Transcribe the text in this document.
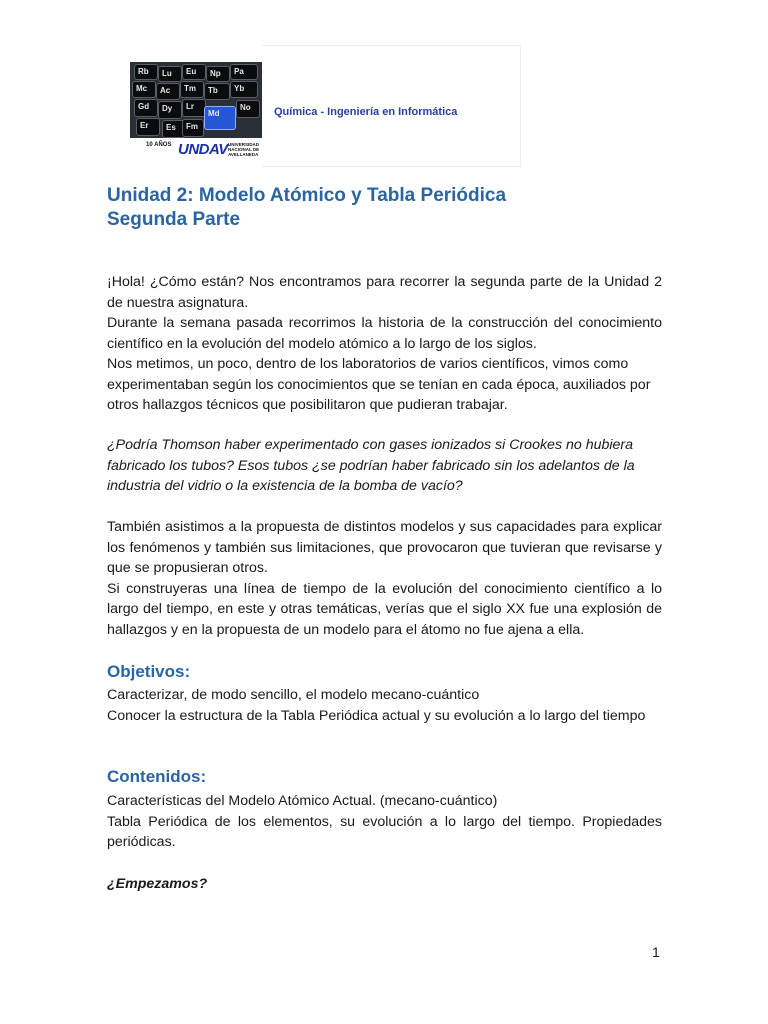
Rb Lu Eu Np Pa
Mc Ac Tm Tb Yb
Gd Dy Lr
Md
No
Er Es Fm
10 AÑOS UNDAV UNIVERSIDAD NACIONAL DE AVELLANEDA
Química - Ingeniería en Informática
Unidad 2: Modelo Atómico y Tabla Periódica
Segunda Parte

¡Hola! ¿Cómo están? Nos encontramos para recorrer la segunda parte de la Unidad 2 de nuestra asignatura.

Durante la semana pasada recorrimos la historia de la construcción del conocimiento científico en la evolución del modelo atómico a lo largo de los siglos.

Nos metimos, un poco, dentro de los laboratorios de varios científicos, vimos como experimentaban según los conocimientos que se tenían en cada época, auxiliados por otros hallazgos técnicos que posibilitaron que pudieran trabajar.

¿Podría Thomson haber experimentado con gases ionizados si Crookes no hubiera fabricado los tubos? Esos tubos ¿se podrían haber fabricado sin los adelantos de la industria del vidrio o la existencia de la bomba de vacío?

También asistimos a la propuesta de distintos modelos y sus capacidades para explicar los fenómenos y también sus limitaciones, que provocaron que tuvieran que revisarse y que se propusieran otros.

Si construyeras una línea de tiempo de la evolución del conocimiento científico a lo largo del tiempo, en este y otras temáticas, verías que el siglo XX fue una explosión de hallazgos y en la propuesta de un modelo para el átomo no fue ajena a ella.

Objetivos:

Caracterizar, de modo sencillo, el modelo mecano-cuántico

Conocer la estructura de la Tabla Periódica actual y su evolución a lo largo del tiempo

Contenidos:

Características del Modelo Atómico Actual. (mecano-cuántico)

Tabla Periódica de los elementos, su evolución a lo largo del tiempo. Propiedades periódicas.

¿Empezamos?
1
